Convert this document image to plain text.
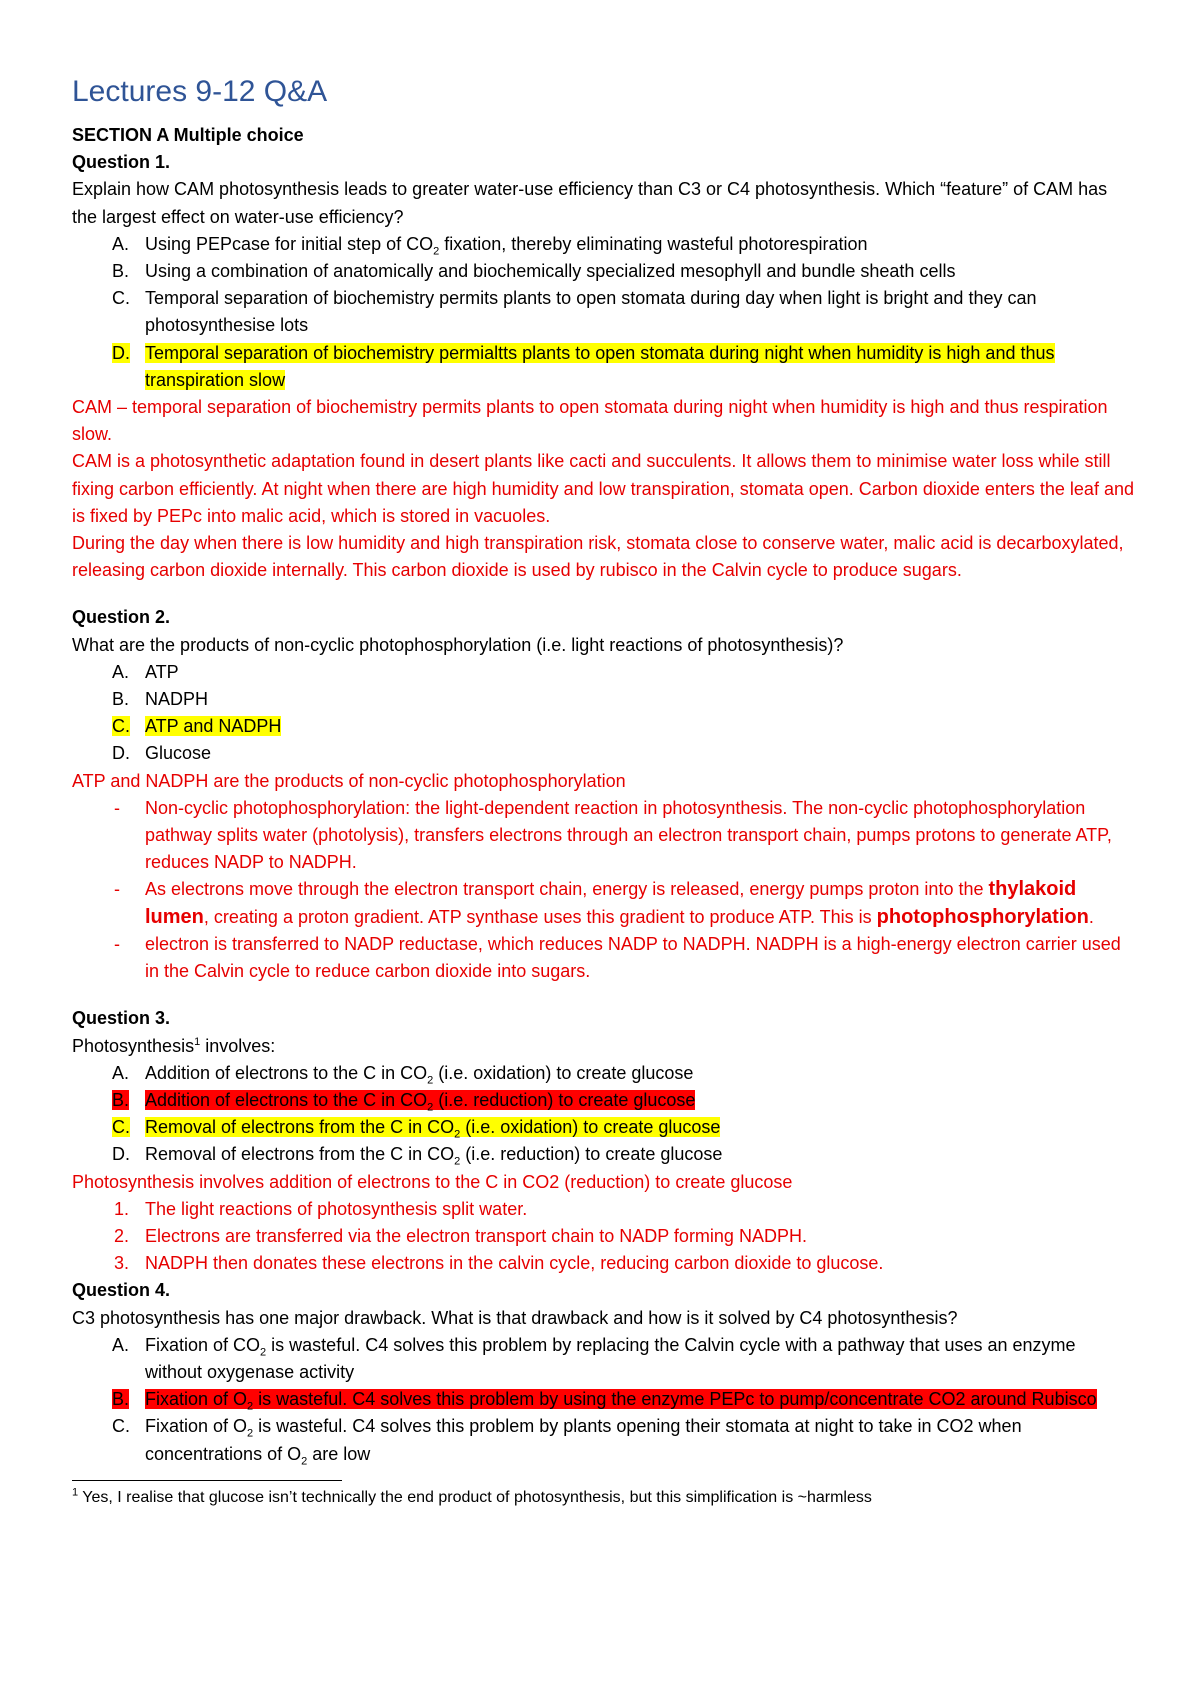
Lectures 9-12 Q&A
SECTION A Multiple choice
Question 1.
Explain how CAM photosynthesis leads to greater water-use efficiency than C3 or C4 photosynthesis. Which “feature” of CAM has the largest effect on water-use efficiency?
A. Using PEPcase for initial step of $CO_2$ fixation, thereby eliminating wasteful photorespiration
B. Using a combination of anatomically and biochemically specialized mesophyll and bundle sheath cells
C. Temporal separation of biochemistry permits plants to open stomata during day when light is bright and they can photosynthesise lots
D. Temporal separation of biochemistry permialtts plants to open stomata during night when humidity is high and thus transpiration slow
CAM – temporal separation of biochemistry permits plants to open stomata during night when humidity is high and thus respiration slow.
CAM is a photosynthetic adaptation found in desert plants like cacti and succulents. It allows them to minimise water loss while still fixing carbon efficiently. At night when there are high humidity and low transpiration, stomata open. Carbon dioxide enters the leaf and is fixed by PEPc into malic acid, which is stored in vacuoles.
During the day when there is low humidity and high transpiration risk, stomata close to conserve water, malic acid is decarboxylated, releasing carbon dioxide internally. This carbon dioxide is used by rubisco in the Calvin cycle to produce sugars.
Question 2.
What are the products of non-cyclic photophosphorylation (i.e. light reactions of photosynthesis)?
A. ATP
B. NADPH
C. ATP and NADPH
D. Glucose
ATP and NADPH are the products of non-cyclic photophosphorylation
-	Non-cyclic photophosphorylation: the light-dependent reaction in photosynthesis. The non-cyclic photophosphorylation pathway splits water (photolysis), transfers electrons through an electron transport chain, pumps protons to generate ATP, reduces NADP to NADPH.
-	As electrons move through the electron transport chain, energy is released, energy pumps proton into the thylakoid lumen, creating a proton gradient. ATP synthase uses this gradient to produce ATP. This is photophosphorylation.
-	electron is transferred to NADP reductase, which reduces NADP to NADPH. NADPH is a high-energy electron carrier used in the Calvin cycle to reduce carbon dioxide into sugars.
Question 3.
Photosynthesis$^1$ involves:
A. Addition of electrons to the C in $CO_2$ (i.e. oxidation) to create glucose
B. Addition of electrons to the C in $CO_2$ (i.e. reduction) to create glucose
C. Removal of electrons from the C in $CO_2$ (i.e. oxidation) to create glucose
D. Removal of electrons from the C in $CO_2$ (i.e. reduction) to create glucose
Photosynthesis involves addition of electrons to the C in CO2 (reduction) to create glucose
1. The light reactions of photosynthesis split water.
2. Electrons are transferred via the electron transport chain to NADP forming NADPH.
3. NADPH then donates these electrons in the calvin cycle, reducing carbon dioxide to glucose.
Question 4.
C3 photosynthesis has one major drawback. What is that drawback and how is it solved by C4 photosynthesis?
A. Fixation of $CO_2$ is wasteful. C4 solves this problem by replacing the Calvin cycle with a pathway that uses an enzyme without oxygenase activity
B. Fixation of $O_2$ is wasteful. C4 solves this problem by using the enzyme PEPc to pump/concentrate CO2 around Rubisco
C. Fixation of $O_2$ is wasteful. C4 solves this problem by plants opening their stomata at night to take in CO2 when concentrations of $O_2$ are low
$^1$ Yes, I realise that glucose isn’t technically the end product of photosynthesis, but this simplification is ~harmless
